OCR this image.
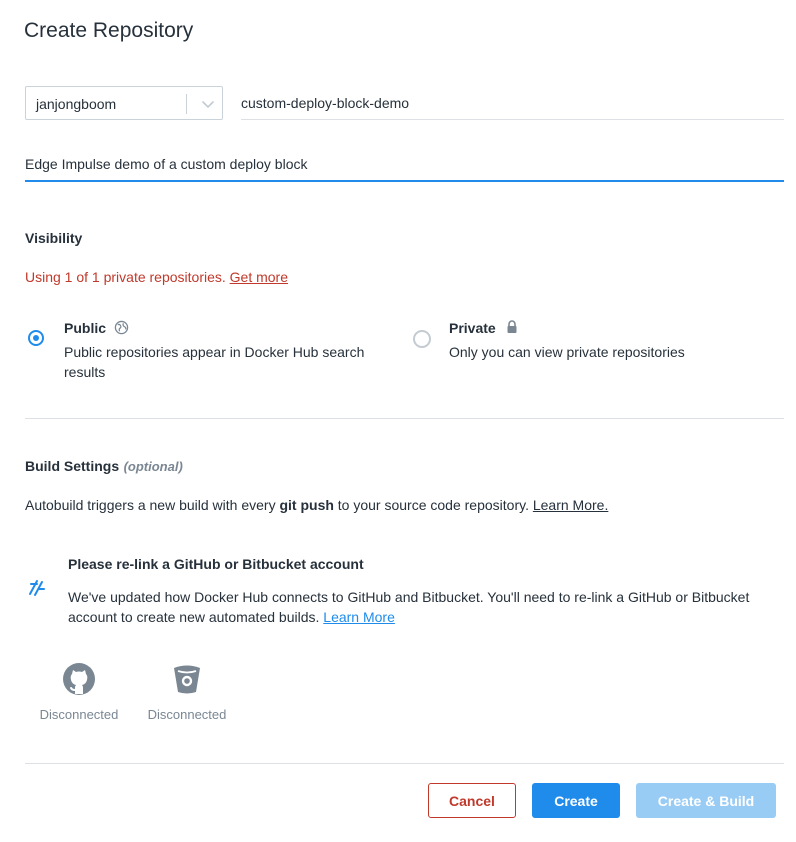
Create Repository
janjongboom
custom-deploy-block-demo
Edge Impulse demo of a custom deploy block
Visibility
Using 1 of 1 private repositories. Get more
Public
Public repositories appear in Docker Hub search results
Private
Only you can view private repositories
Build Settings (optional)
Autobuild triggers a new build with every git push to your source code repository. Learn More.
Please re-link a GitHub or Bitbucket account
We've updated how Docker Hub connects to GitHub and Bitbucket. You'll need to re-link a GitHub or Bitbucket account to create new automated builds. Learn More
Disconnected Disconnected
Cancel	Create	Create & Build
